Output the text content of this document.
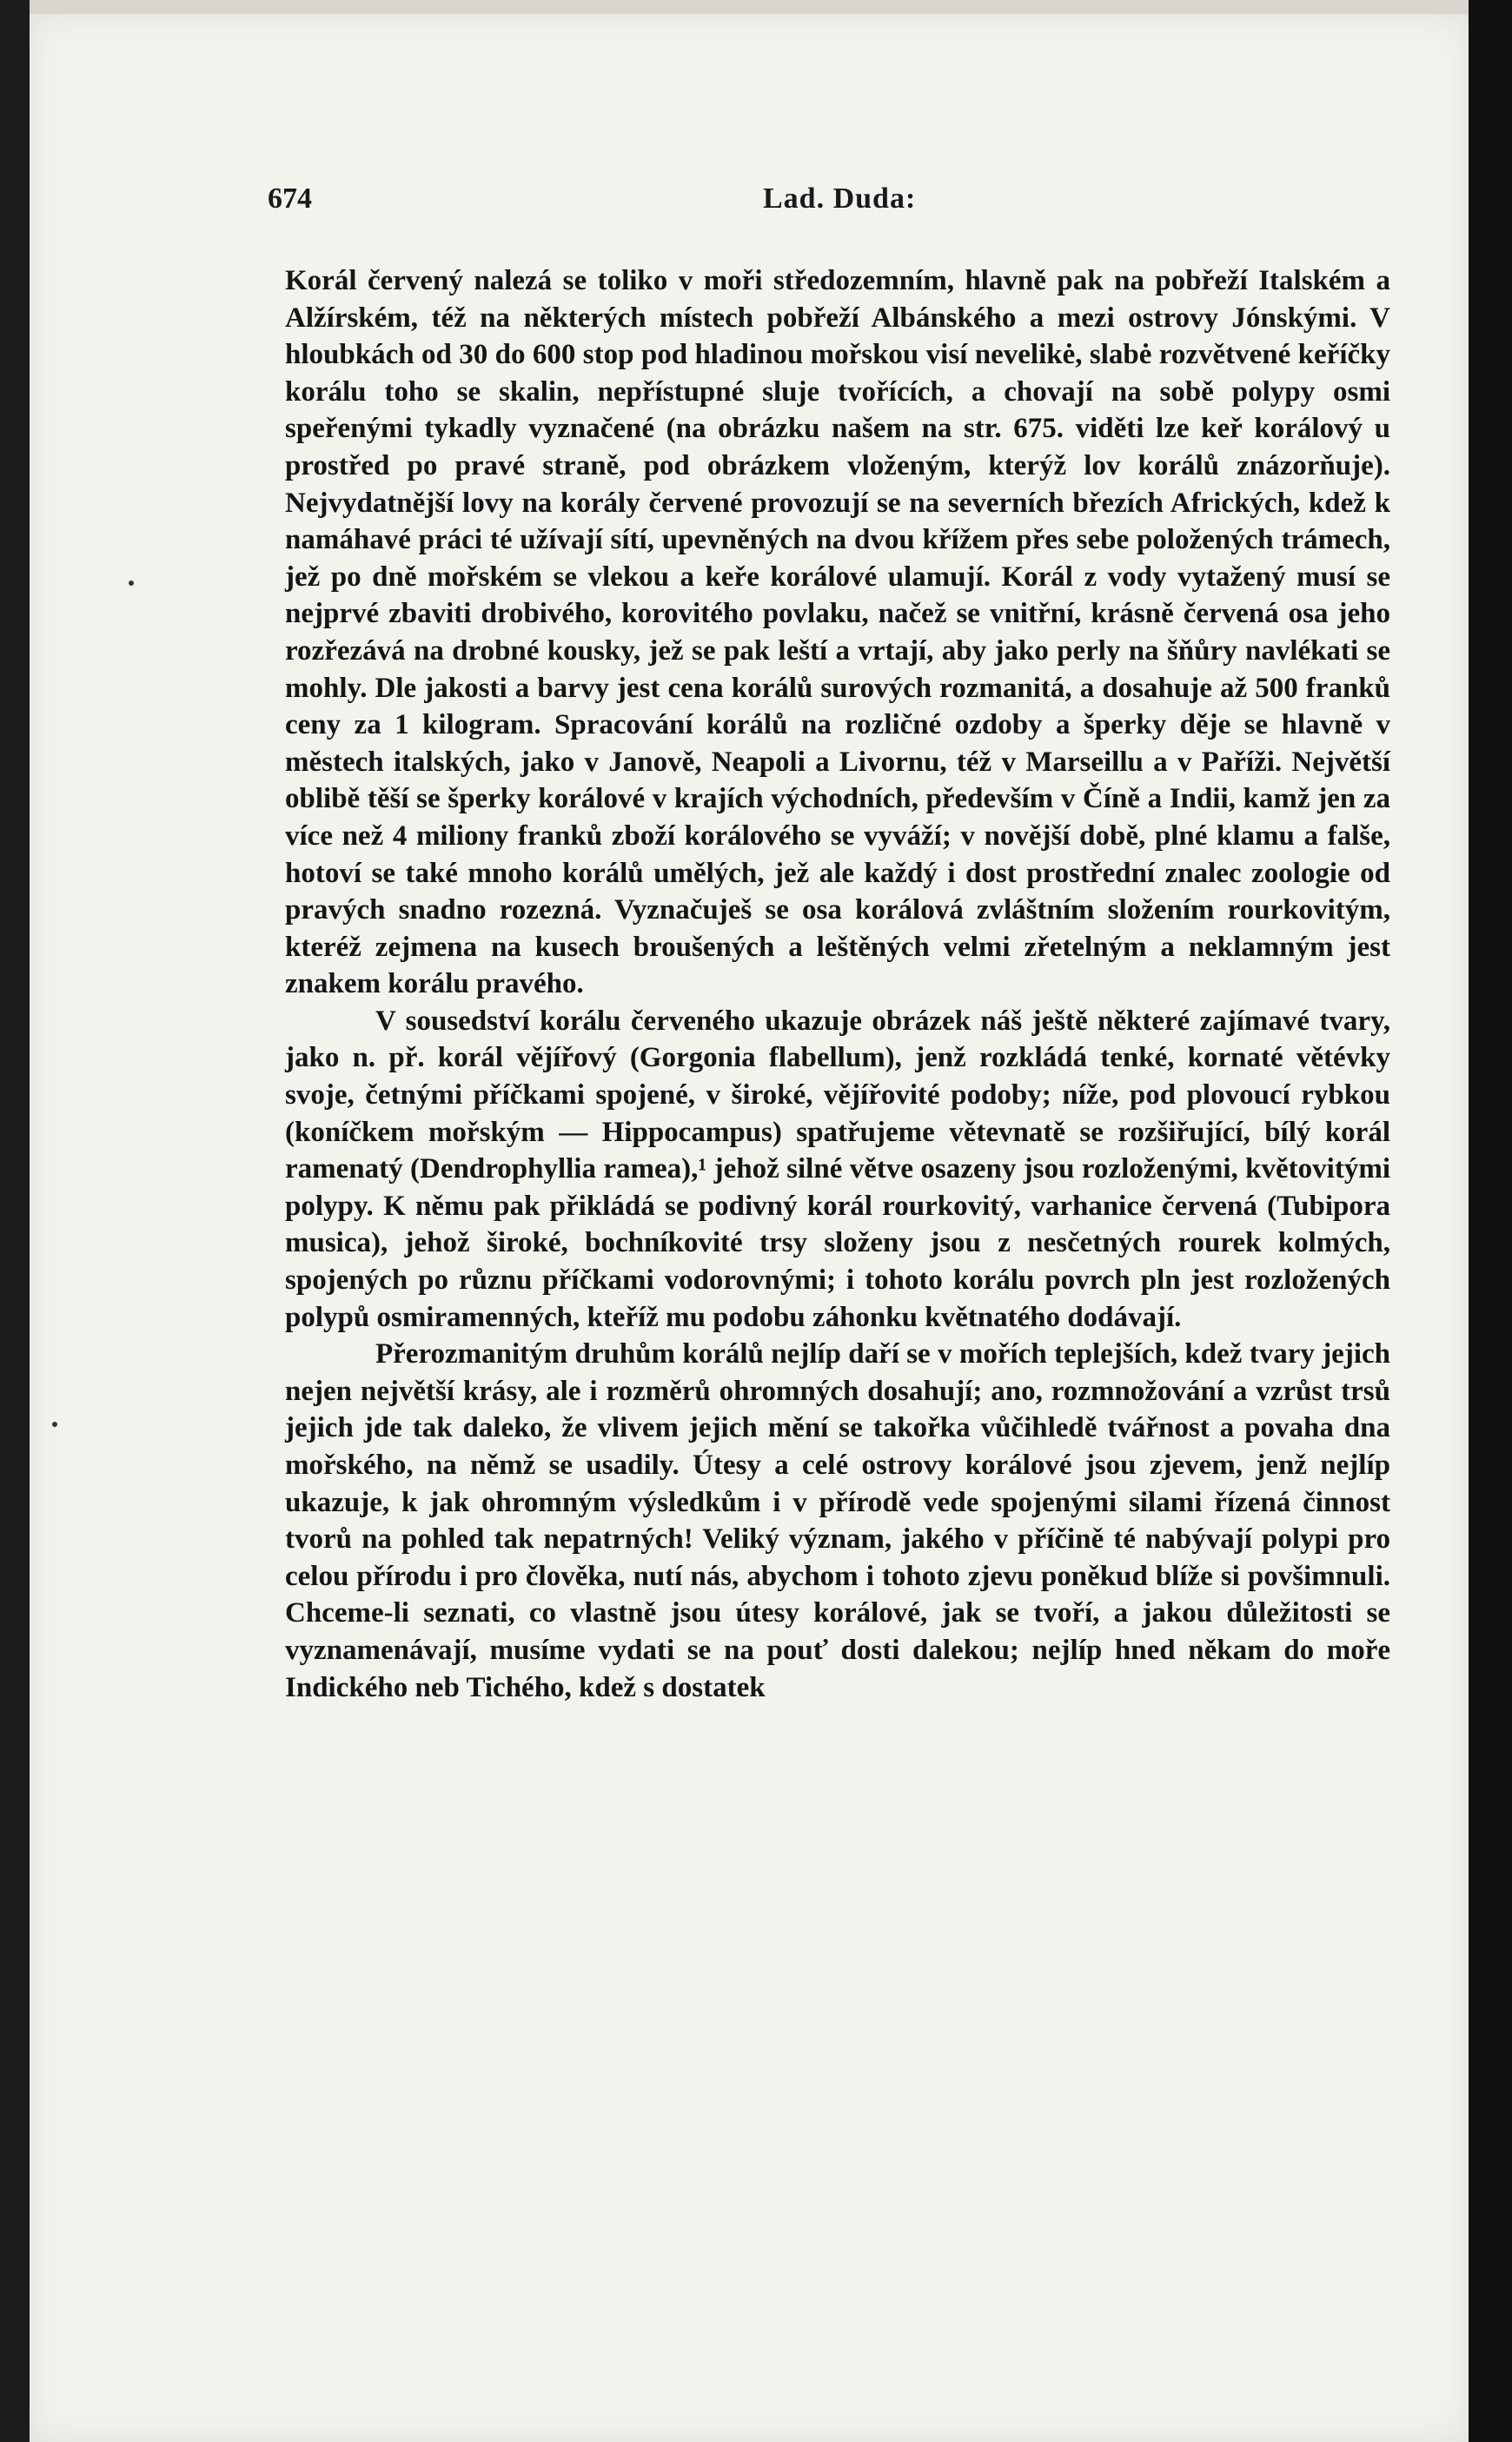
674	Lad. Duda:

Korál červený nalezá se toliko v moři středozemním, hlavně pak na pobřeží Italském a Alžírském, též na některých místech pobřeží Albánského a mezi ostrovy Jónskými. V hloubkách od 30 do 600 stop pod hladinou mořskou visí nevelikė, slabė rozvětvené keříčky korálu toho se skalin, nepřístupné sluje tvořících, a chovají na sobě polypy osmi speřenými tykadly vyznačené (na obrázku našem na str. 675. viděti lze keř korálový u prostřed po pravé straně, pod obrázkem vloženým, kterýž lov korálů znázorňuje). Nejvydatnější lovy na korály červené provozují se na severních březích Afrických, kdež k namáhavé práci té užívají sítí, upevněných na dvou křížem přes sebe položených trámech, jež po dně mořském se vlekou a keře korálové ulamují. Korál z vody vytažený musí se nejprvé zbaviti drobivého, korovitého povlaku, načež se vnitřní, krásně červená osa jeho rozřezává na drobné kousky, jež se pak leští a vrtají, aby jako perly na šňůry navlékati se mohly. Dle jakosti a barvy jest cena korálů surových rozmanitá, a dosahuje až 500 franků ceny za 1 kilogram. Spracování korálů na rozličné ozdoby a šperky děje se hlavně v městech italských, jako v Janově, Neapoli a Livornu, též v Marseillu a v Paříži. Největší oblibě těší se šperky korálové v krajích východních, především v Číně a Indii, kamž jen za více než 4 miliony franků zboží korálového se vyváží; v novější době, plné klamu a falše, hotoví se také mnoho korálů umělých, jež ale každý i dost prostřední znalec zoologie od pravých snadno rozezná. Vyznačuješ se osa korálová zvláštním složením rourkovitým, kteréž zejmena na kusech broušených a leštěných velmi zřetelným a neklamným jest znakem korálu pravého.

V sousedství korálu červeného ukazuje obrázek náš ještě některé zajímavé tvary, jako n. př. korál vějířový (Gorgonia flabellum), jenž rozkládá tenké, kornaté větévky svoje, četnými příčkami spojené, v široké, vějířovité podoby; níže, pod plovoucí rybkou (koníčkem mořským — Hippocampus) spatřujeme větevnatě se rozšiřující, bílý korál ramenatý (Dendrophyllia ramea),¹ jehož silné větve osazeny jsou rozloženými, květovitými polypy. K němu pak přikládá se podivný korál rourkovitý, varhanice červená (Tubipora musica), jehož široké, bochníkovité trsy složeny jsou z nesčetných rourek kolmých, spojených po různu příčkami vodorovnými; i tohoto korálu povrch pln jest rozložených polypů osmiramenných, kteříž mu podobu záhonku květnatého dodávají.

Přerozmanitým druhům korálů nejlíp daří se v mořích teplejších, kdež tvary jejich nejen největší krásy, ale i rozměrů ohromných dosahují; ano, rozmnožování a vzrůst trsů jejich jde tak daleko, že vlivem jejich mění se takořka vůčihledě tvářnost a povaha dna mořského, na němž se usadily. Útesy a celé ostrovy korálové jsou zjevem, jenž nejlíp ukazuje, k jak ohromným výsledkům i v přírodě vede spojenými silami řízená činnost tvorů na pohled tak nepatrných! Veliký význam, jakého v příčině té nabývají polypi pro celou přírodu i pro člověka, nutí nás, abychom i tohoto zjevu poněkud blíže si povšimnuli. Chceme-li seznati, co vlastně jsou útesy korálové, jak se tvoří, a jakou důležitosti se vyznamenávají, musíme vydati se na pouť dosti dalekou; nejlíp hned někam do moře Indického neb Tichého, kdež s dostatek
